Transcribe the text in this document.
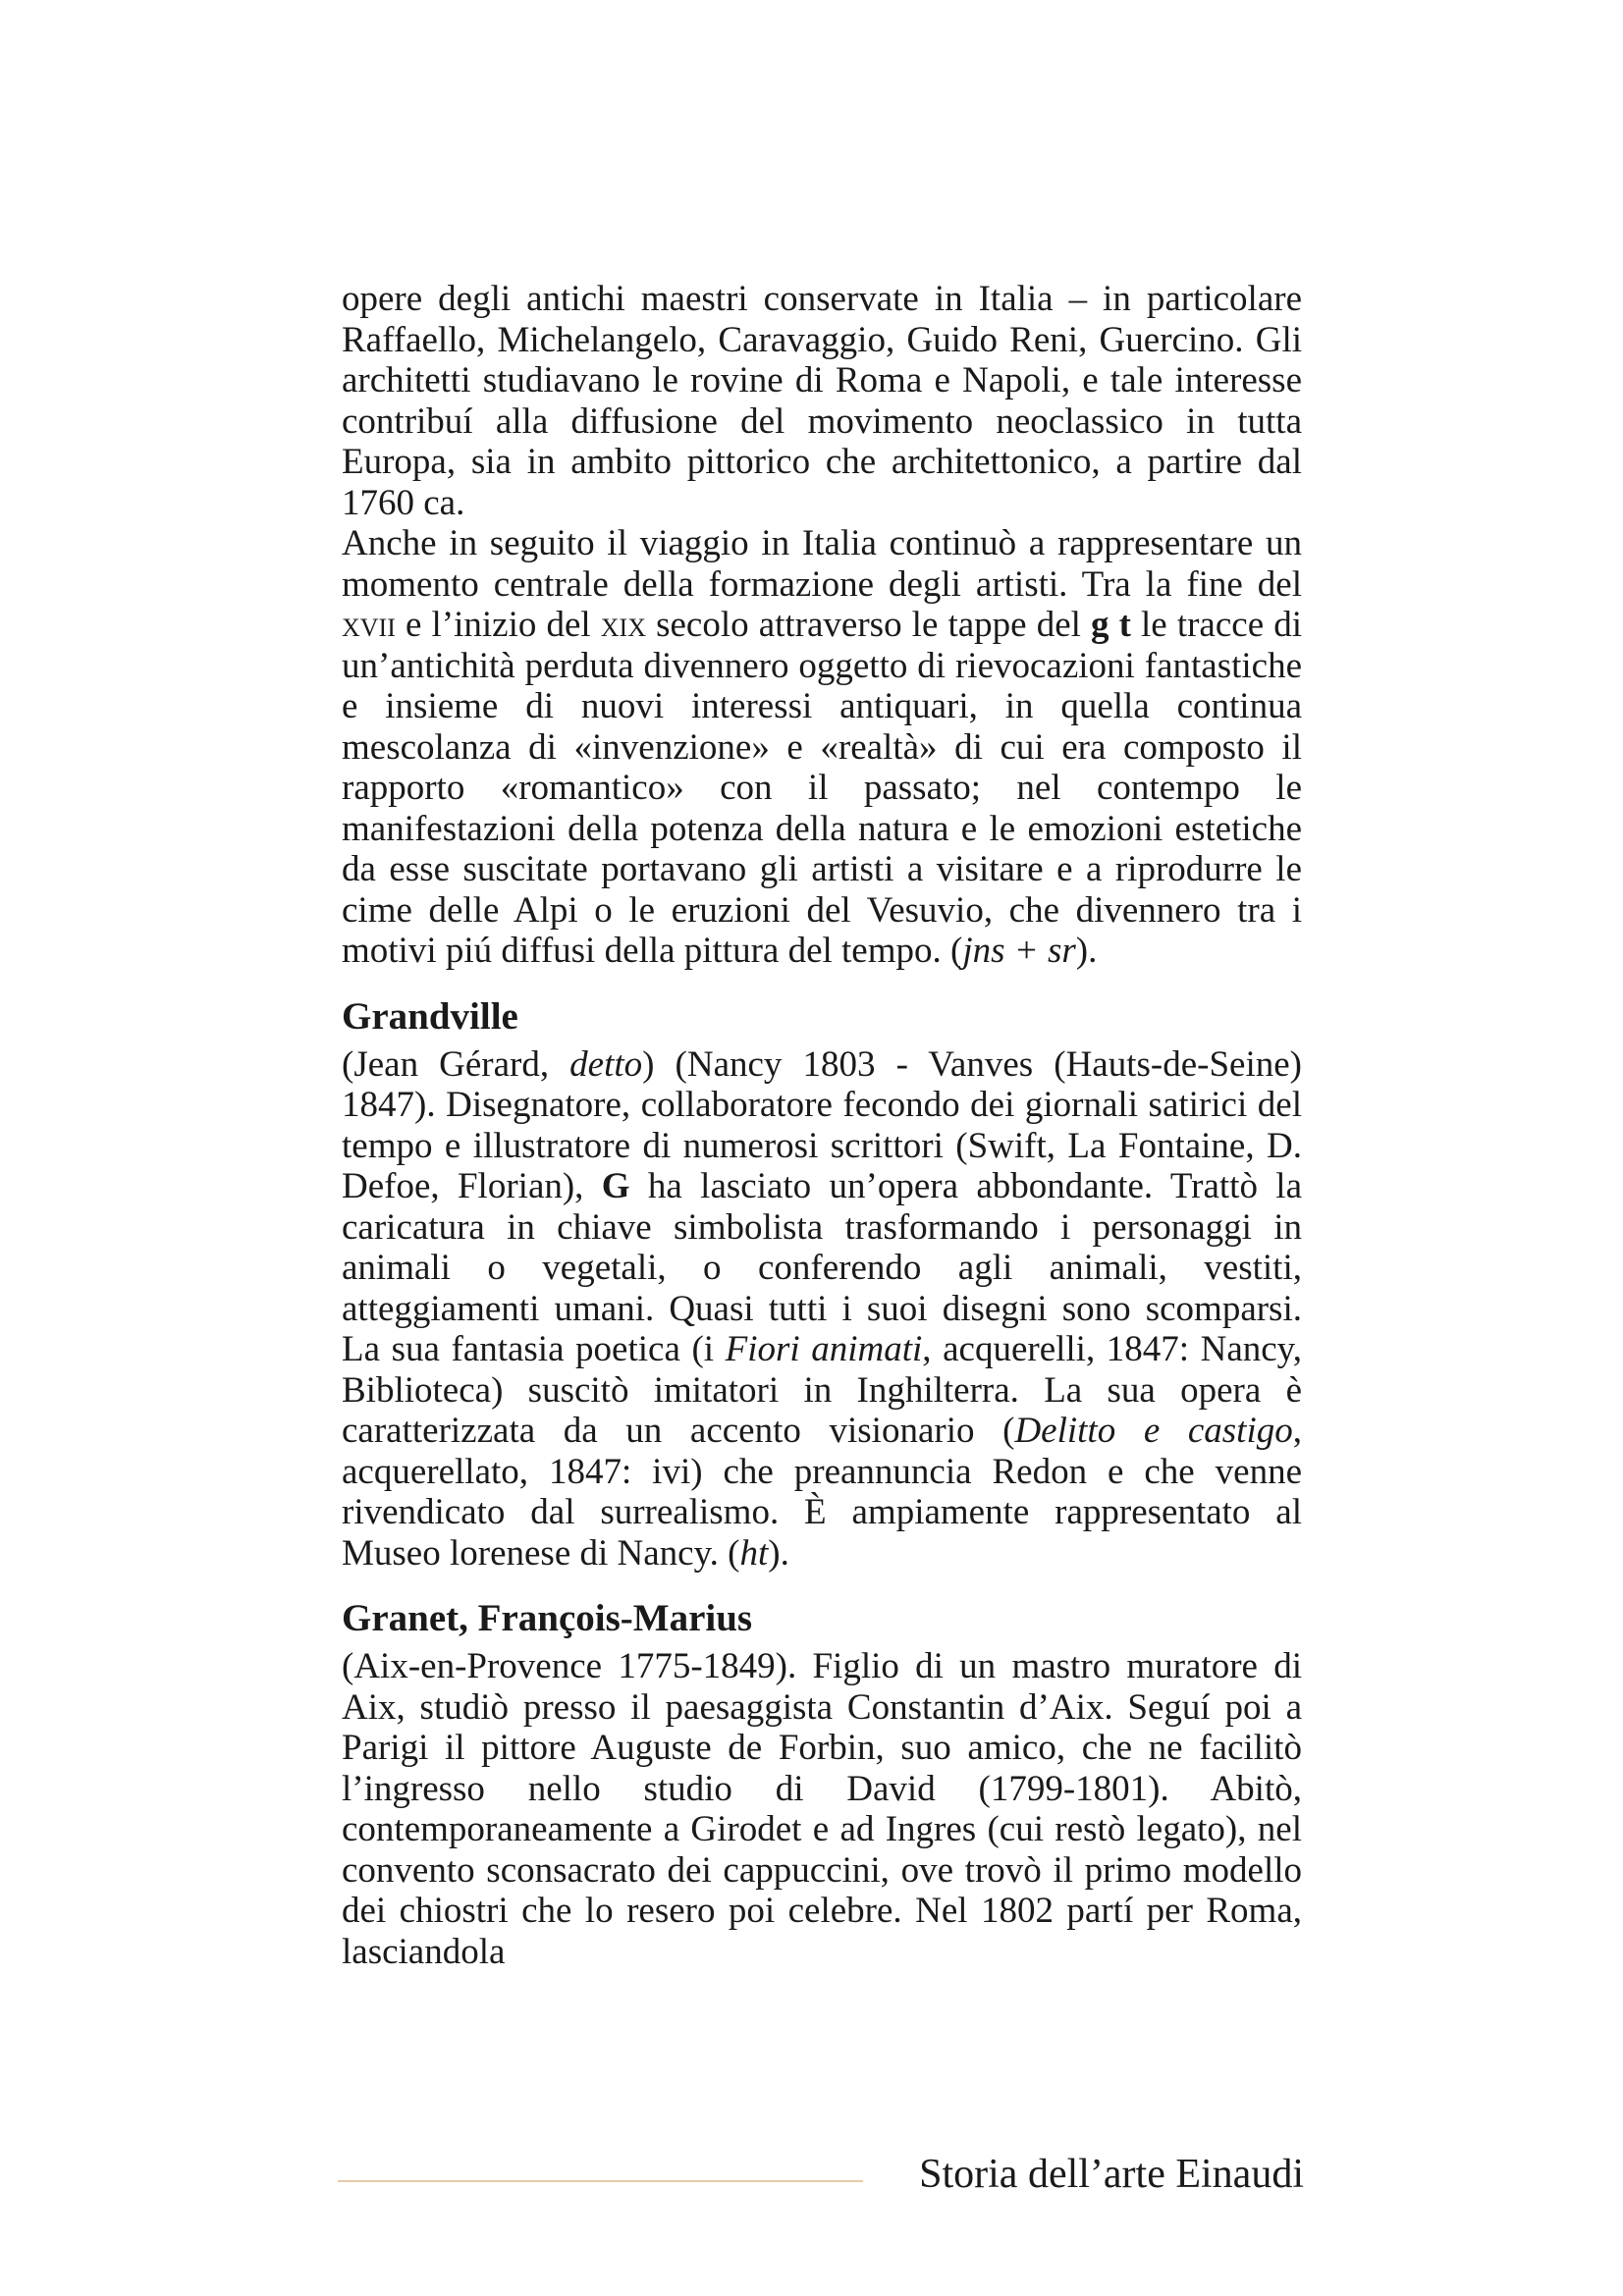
opere degli antichi maestri conservate in Italia – in particolare Raffaello, Michelangelo, Caravaggio, Guido Reni, Guercino. Gli architetti studiavano le rovine di Roma e Napoli, e tale interesse contribuí alla diffusione del movimento neoclassico in tutta Europa, sia in ambito pittorico che architettonico, a partire dal 1760 ca.

Anche in seguito il viaggio in Italia continuò a rappresentare un momento centrale della formazione degli artisti. Tra la fine del xvii e l’inizio del xix secolo attraverso le tappe del g t le tracce di un’antichità perduta divennero oggetto di rievocazioni fantastiche e insieme di nuovi interessi antiquari, in quella continua mescolanza di «invenzione» e «realtà» di cui era composto il rapporto «romantico» con il passato; nel contempo le manifestazioni della potenza della natura e le emozioni estetiche da esse suscitate portavano gli artisti a visitare e a riprodurre le cime delle Alpi o le eruzioni del Vesuvio, che divennero tra i motivi piú diffusi della pittura del tempo. (jns + sr).

Grandville

(Jean Gérard, detto) (Nancy 1803 - Vanves (Hauts-de-Seine) 1847). Disegnatore, collaboratore fecondo dei giornali satirici del tempo e illustratore di numerosi scrittori (Swift, La Fontaine, D. Defoe, Florian), G ha lasciato un’opera abbondante. Trattò la caricatura in chiave simbolista trasformando i personaggi in animali o vegetali, o conferendo agli animali, vestiti, atteggiamenti umani. Quasi tutti i suoi disegni sono scomparsi. La sua fantasia poetica (i Fiori animati, acquerelli, 1847: Nancy, Biblioteca) suscitò imitatori in Inghilterra. La sua opera è caratterizzata da un accento visionario (Delitto e castigo, acquerellato, 1847: ivi) che preannuncia Redon e che venne rivendicato dal surrealismo. È ampiamente rappresentato al Museo lorenese di Nancy. (ht).

Granet, François-Marius

(Aix-en-Provence 1775-1849). Figlio di un mastro muratore di Aix, studiò presso il paesaggista Constantin d’Aix. Seguí poi a Parigi il pittore Auguste de Forbin, suo amico, che ne facilitò l’ingresso nello studio di David (1799-1801). Abitò, contemporaneamente a Girodet e ad Ingres (cui restò legato), nel convento sconsacrato dei cappuccini, ove trovò il primo modello dei chiostri che lo resero poi celebre. Nel 1802 partí per Roma, lasciandola

Storia dell’arte Einaudi
